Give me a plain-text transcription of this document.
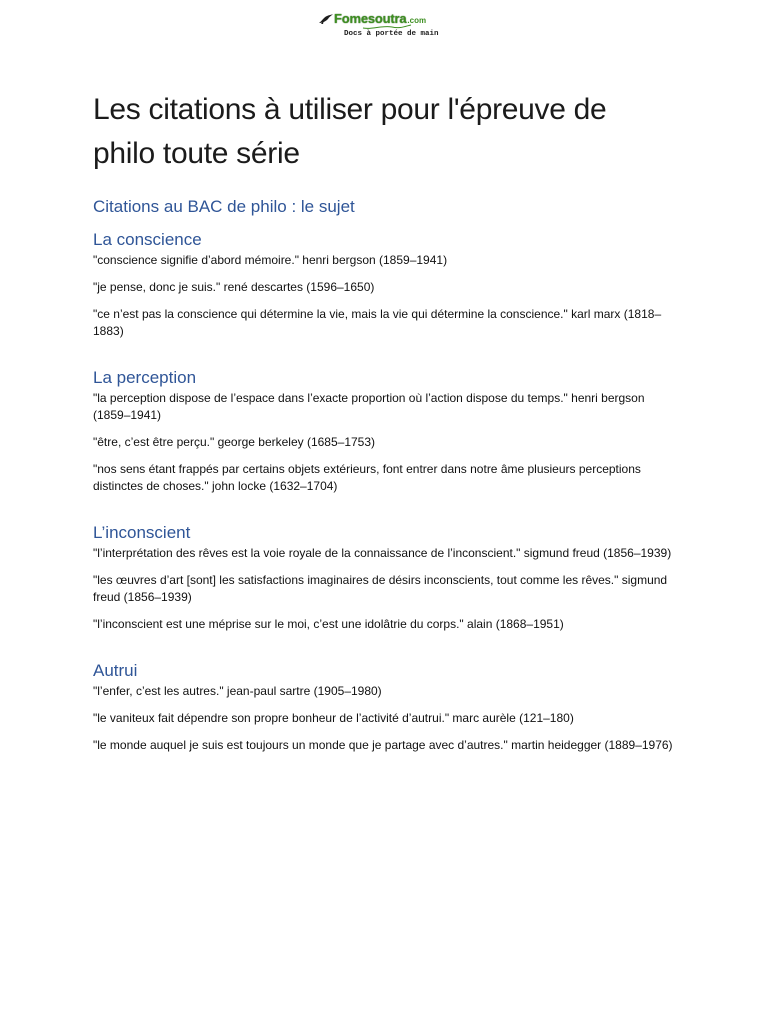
Fomesoutra .com
Docs à portée de main
Les citations à utiliser pour l'épreuve de philo toute série
Citations au BAC de philo : le sujet
La conscience

"conscience signifie d’abord mémoire." henri bergson (1859–1941)

"je pense, donc je suis." rené descartes (1596–1650)

"ce n’est pas la conscience qui détermine la vie, mais la vie qui détermine la conscience." karl marx (1818–1883)

La perception

"la perception dispose de l’espace dans l’exacte proportion où l’action dispose du temps." henri bergson (1859–1941)

"être, c’est être perçu." george berkeley (1685–1753)

"nos sens étant frappés par certains objets extérieurs, font entrer dans notre âme plusieurs perceptions distinctes de choses." john locke (1632–1704)

L’inconscient

"l’interprétation des rêves est la voie royale de la connaissance de l’inconscient." sigmund freud (1856–1939)

"les œuvres d’art [sont] les satisfactions imaginaires de désirs inconscients, tout comme les rêves." sigmund freud (1856–1939)

"l’inconscient est une méprise sur le moi, c’est une idolâtrie du corps." alain (1868–1951)

Autrui

"l’enfer, c’est les autres." jean-paul sartre (1905–1980)

"le vaniteux fait dépendre son propre bonheur de l’activité d’autrui." marc aurèle (121–180)

"le monde auquel je suis est toujours un monde que je partage avec d’autres." martin heidegger (1889–1976)
